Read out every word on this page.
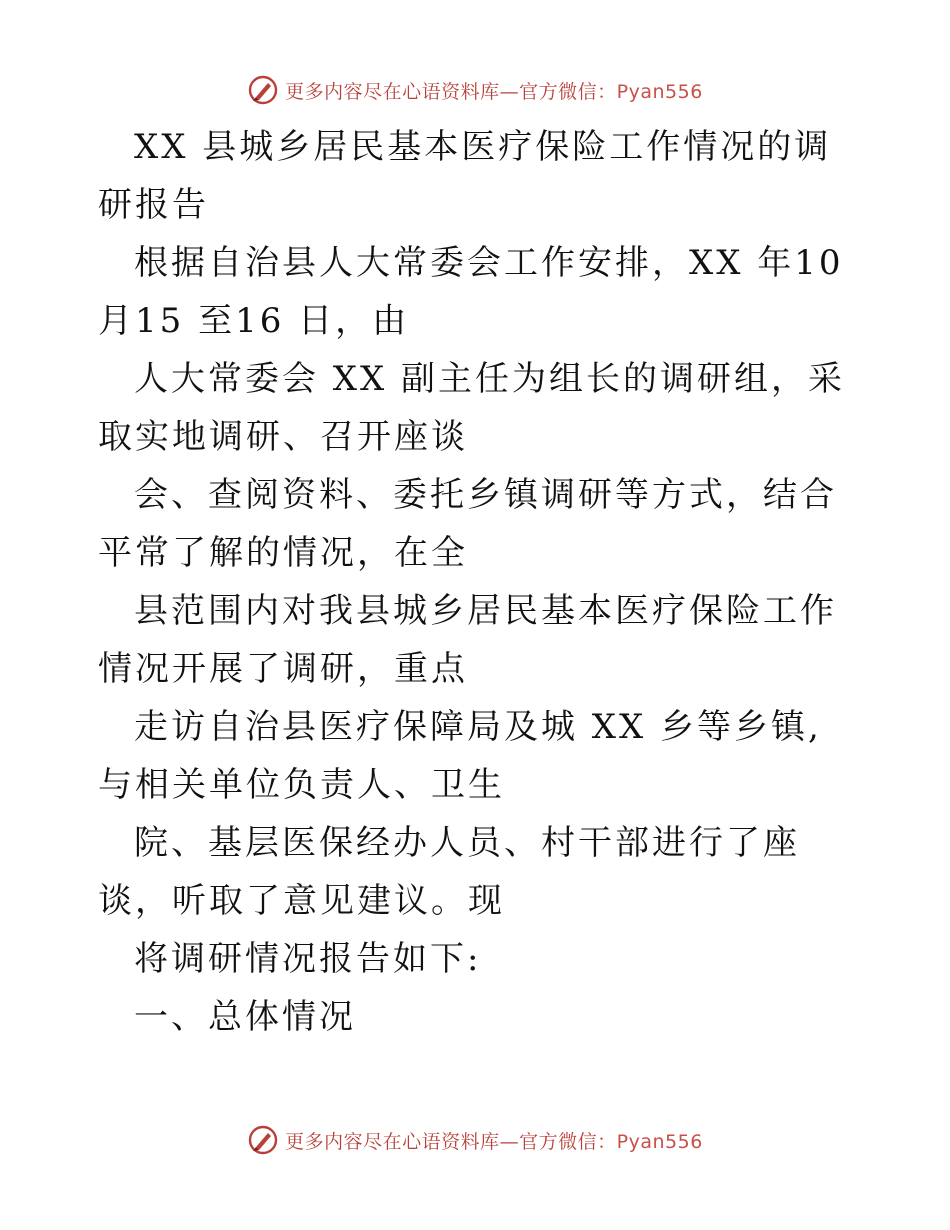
更多内容尽在心语资料库—官方微信：Pyan556

XX 县城乡居民基本医疗保险工作情况的调研报告

根据自治县人大常委会工作安排，XX 年10 月15 至16 日，由

人大常委会 XX 副主任为组长的调研组，采取实地调研、召开座谈

会、查阅资料、委托乡镇调研等方式，结合平常了解的情况，在全

县范围内对我县城乡居民基本医疗保险工作情况开展了调研，重点

走访自治县医疗保障局及城 XX 乡等乡镇,与相关单位负责人、卫生

院、基层医保经办人员、村干部进行了座谈，听取了意见建议。现

将调研情况报告如下:

一、总体情况

更多内容尽在心语资料库—官方微信：Pyan556
